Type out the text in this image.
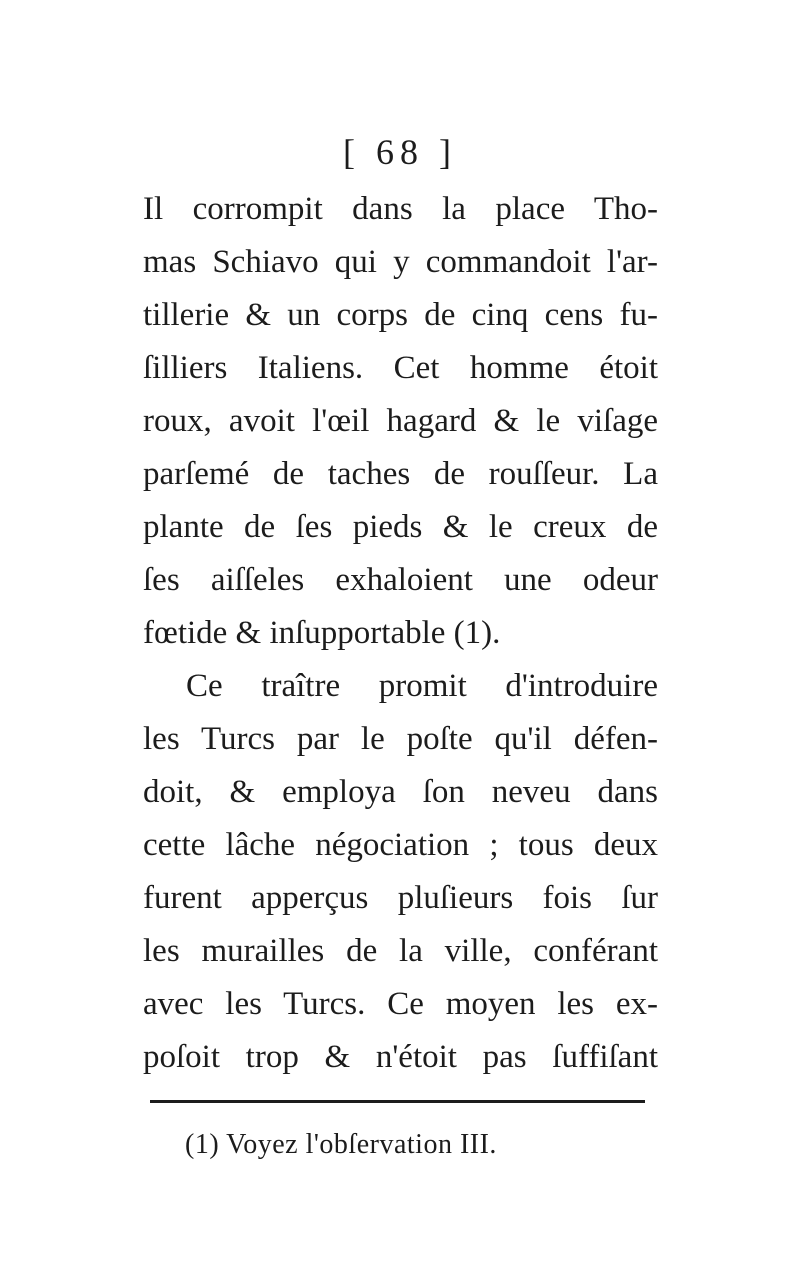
[ 68 ]
Il corrompit dans la place Tho-
mas Schiavo qui y commandoit l'ar-
tillerie & un corps de cinq cens fu-
ſilliers Italiens. Cet homme étoit
roux, avoit l'œil hagard & le viſage
parſemé de taches de rouſſeur. La
plante de ſes pieds & le creux de
ſes aiſſeles exhaloient une odeur
fœtide & inſupportable (1).
Ce traître promit d'introduire
les Turcs par le poſte qu'il défen-
doit, & employa ſon neveu dans
cette lâche négociation ; tous deux
furent apperçus pluſieurs fois ſur
les murailles de la ville, conférant
avec les Turcs. Ce moyen les ex-
poſoit trop & n'étoit pas ſuffiſant
(1) Voyez l'obſervation III.
